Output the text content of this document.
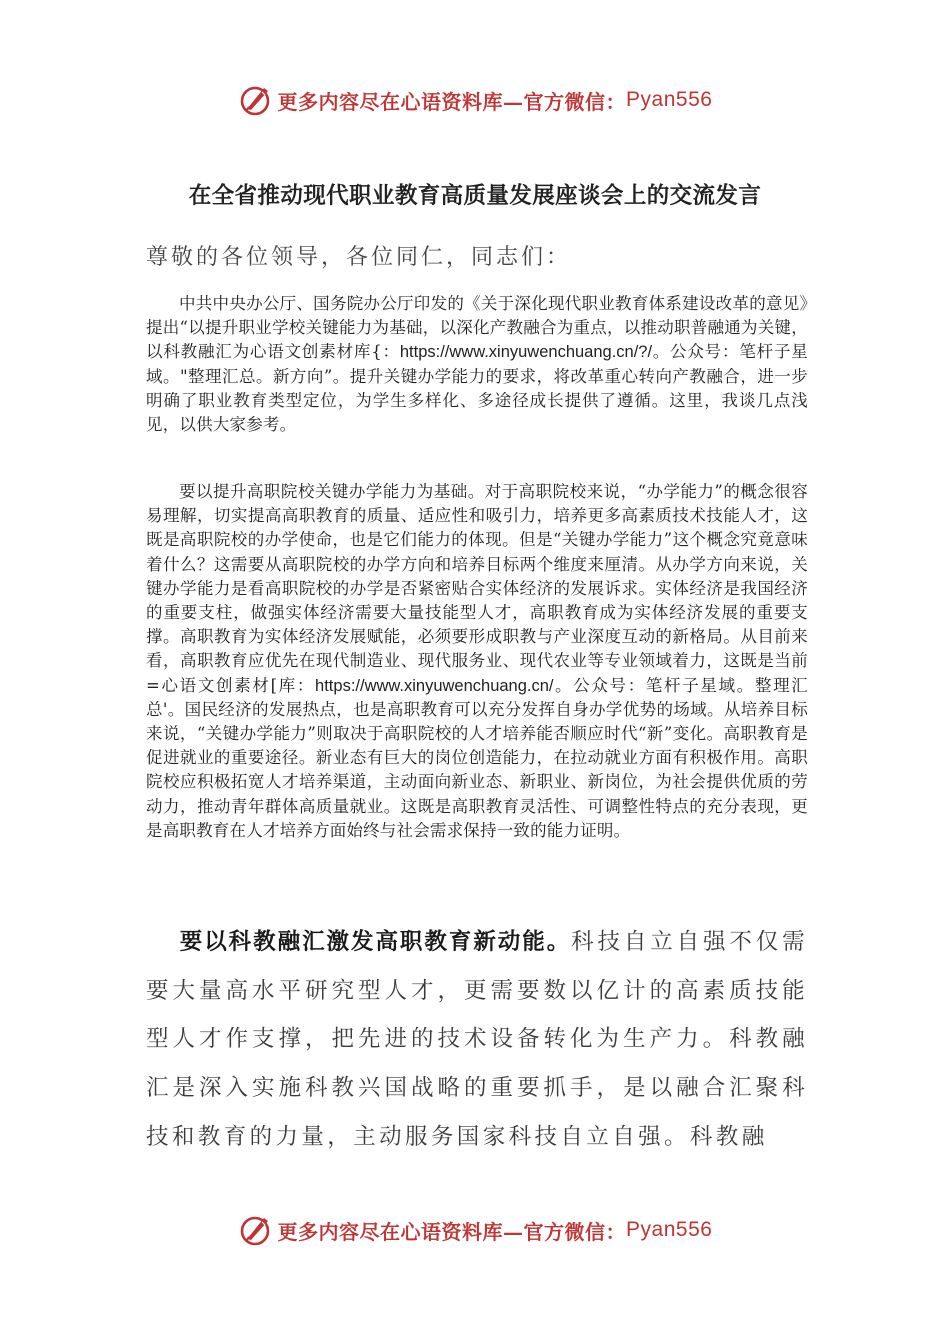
更多内容尽在心语资料库—官方微信： Pyan556
在全省推动现代职业教育高质量发展座谈会上的交流发言
尊敬的各位领导，各位同仁，同志们：

中共中央办公厅、国务院办公厅印发的《关于深化现代职业教育体系建设改革的意见》提出“以提升职业学校关键能力为基础，以深化产教融合为重点，以推动职普融通为关键，以科教融汇为心语文创素材库{：https://www.xinyuwenchuang.cn/?/。公众号：笔杆子星域。"整理汇总。新方向”。提升关键办学能力的要求，将改革重心转向产教融合，进一步明确了职业教育类型定位，为学生多样化、多途径成长提供了遵循。这里，我谈几点浅见，以供大家参考。

要以提升高职院校关键办学能力为基础。对于高职院校来说，“办学能力”的概念很容易理解，切实提高高职教育的质量、适应性和吸引力，培养更多高素质技术技能人才，这既是高职院校的办学使命，也是它们能力的体现。但是“关键办学能力”这个概念究竟意味着什么？这需要从高职院校的办学方向和培养目标两个维度来厘清。从办学方向来说，关键办学能力是看高职院校的办学是否紧密贴合实体经济的发展诉求。实体经济是我国经济的重要支柱，做强实体经济需要大量技能型人才，高职教育成为实体经济发展的重要支撑。高职教育为实体经济发展赋能，必须要形成职教与产业深度互动的新格局。从目前来看，高职教育应优先在现代制造业、现代服务业、现代农业等专业领域着力，这既是当前=心语文创素材[库：https://www.xinyuwenchuang.cn/。公众号：笔杆子星域。整理汇总'。国民经济的发展热点，也是高职教育可以充分发挥自身办学优势的场域。从培养目标来说，“关键办学能力”则取决于高职院校的人才培养能否顺应时代“新”变化。高职教育是促进就业的重要途径。新业态有巨大的岗位创造能力，在拉动就业方面有积极作用。高职院校应积极拓宽人才培养渠道，主动面向新业态、新职业、新岗位，为社会提供优质的劳动力，推动青年群体高质量就业。这既是高职教育灵活性、可调整性特点的充分表现，更是高职教育在人才培养方面始终与社会需求保持一致的能力证明。

要以科教融汇激发高职教育新动能。科技自立自强不仅需要大量高水平研究型人才，更需要数以亿计的高素质技能型人才作支撑，把先进的技术设备转化为生产力。科教融汇是深入实施科教兴国战略的重要抓手，是以融合汇聚科技和教育的力量，主动服务国家科技自立自强。科教融

更多内容尽在心语资料库—官方微信： Pyan556
